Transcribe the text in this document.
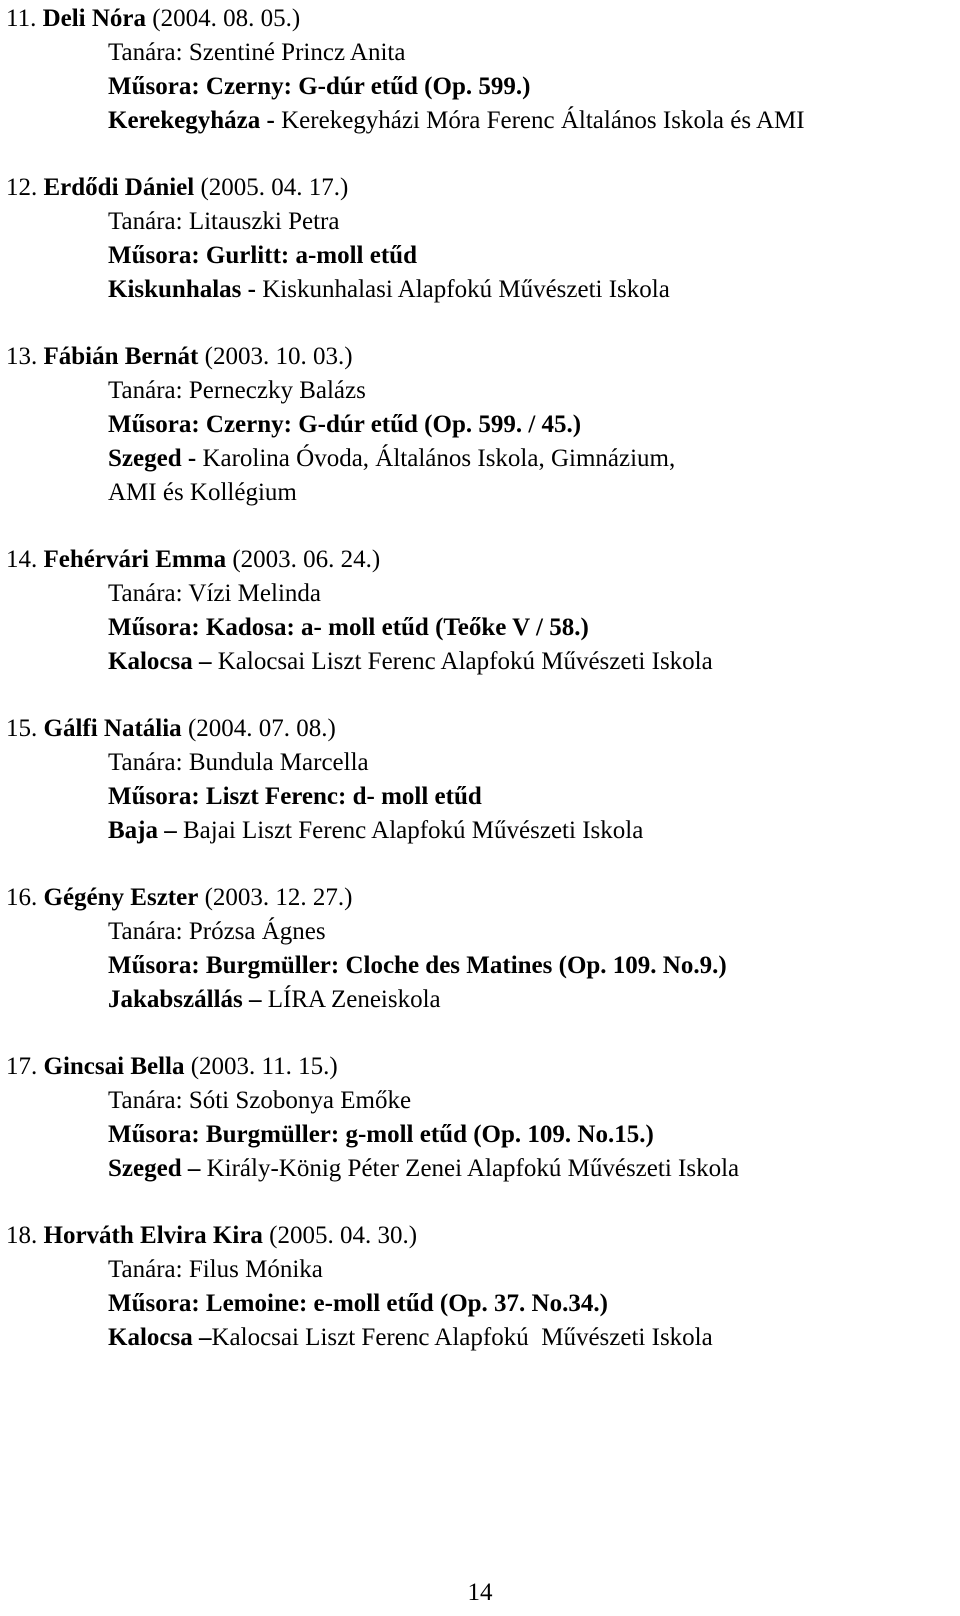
11. Deli Nóra (2004. 08. 05.)
Tanára: Szentiné Princz Anita
Műsora: Czerny: G-dúr etűd (Op. 599.)
Kerekegyháza - Kerekegyházi Móra Ferenc Általános Iskola és AMI
12. Erdődi Dániel (2005. 04. 17.)
Tanára: Litauszki Petra
Műsora: Gurlitt: a-moll etűd
Kiskunhalas - Kiskunhalasi Alapfokú Művészeti Iskola
13. Fábián Bernát (2003. 10. 03.)
Tanára: Perneczky Balázs
Műsora: Czerny: G-dúr etűd (Op. 599. / 45.)
Szeged - Karolina Óvoda, Általános Iskola, Gimnázium,
AMI és Kollégium
14. Fehérvári Emma (2003. 06. 24.)
Tanára: Vízi Melinda
Műsora: Kadosa: a- moll etűd (Teőke V / 58.)
Kalocsa – Kalocsai Liszt Ferenc Alapfokú Művészeti Iskola
15. Gálfi Natália (2004. 07. 08.)
Tanára: Bundula Marcella
Műsora: Liszt Ferenc: d- moll etűd
Baja – Bajai Liszt Ferenc Alapfokú Művészeti Iskola
16. Gégény Eszter (2003. 12. 27.)
Tanára: Prózsa Ágnes
Műsora: Burgmüller: Cloche des Matines (Op. 109. No.9.)
Jakabszállás – LÍRA Zeneiskola
17. Gincsai Bella (2003. 11. 15.)
Tanára: Sóti Szobonya Emőke
Műsora: Burgmüller: g-moll etűd (Op. 109. No.15.)
Szeged – Király-König Péter Zenei Alapfokú Művészeti Iskola
18. Horváth Elvira Kira (2005. 04. 30.)
Tanára: Filus Mónika
Műsora: Lemoine: e-moll etűd (Op. 37. No.34.)
Kalocsa –Kalocsai Liszt Ferenc Alapfokú  Művészeti Iskola
14
